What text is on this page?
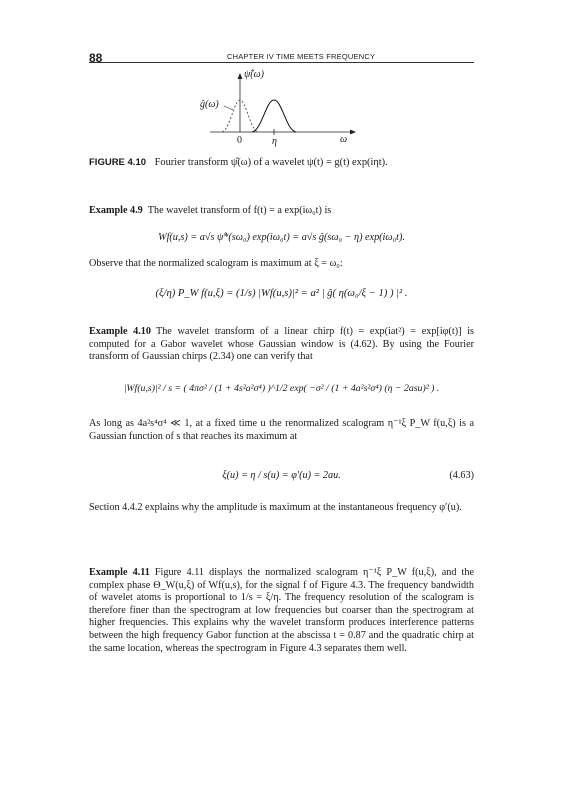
88	CHAPTER IV TIME MEETS FREQUENCY
ψ̂(ω)
ĝ(ω)
0	η	ω
FIGURE 4.10 Fourier transform ψ̂(ω) of a wavelet ψ(t) = g(t) exp(iηt).
Example 4.9 The wavelet transform of f(t) = a exp(iω₀t) is
Wf(u,s) = a√s ψ̂*(sω₀) exp(iω₀t) = a√s ĝ(sω₀ − η) exp(iω₀t).
Observe that the normalized scalogram is maximum at ξ = ω₀:
(ξ/η) P_W f(u,ξ) = (1/s) |Wf(u,s)|² = a² | ĝ( η(ω₀/ξ − 1) ) |² .
Example 4.10 The wavelet transform of a linear chirp f(t) = exp(iat²) = exp[iφ(t)] is computed for a Gabor wavelet whose Gaussian window is (4.62). By using the Fourier transform of Gaussian chirps (2.34) one can verify that
|Wf(u,s)|² / s = ( 4πσ² / (1 + 4s²a²σ⁴) )^1/2 exp( −σ² / (1 + 4a²s²σ⁴) (η − 2asu)² ) .
As long as 4a²s⁴σ⁴ ≪ 1, at a fixed time u the renormalized scalogram η⁻¹ξ P_W f(u,ξ) is a Gaussian function of s that reaches its maximum at
ξ(u) = η / s(u) = φ′(u) = 2au.	(4.63)
Section 4.4.2 explains why the amplitude is maximum at the instantaneous frequency φ′(u).
Example 4.11 Figure 4.11 displays the normalized scalogram η⁻¹ξ P_W f(u,ξ), and the complex phase Θ_W(u,ξ) of Wf(u,s), for the signal f of Figure 4.3. The frequency bandwidth of wavelet atoms is proportional to 1/s = ξ/η. The frequency resolution of the scalogram is therefore finer than the spectrogram at low frequencies but coarser than the spectrogram at higher frequencies. This explains why the wavelet transform produces interference patterns between the high frequency Gabor function at the abscissa t = 0.87 and the quadratic chirp at the same location, whereas the spectrogram in Figure 4.3 separates them well.
